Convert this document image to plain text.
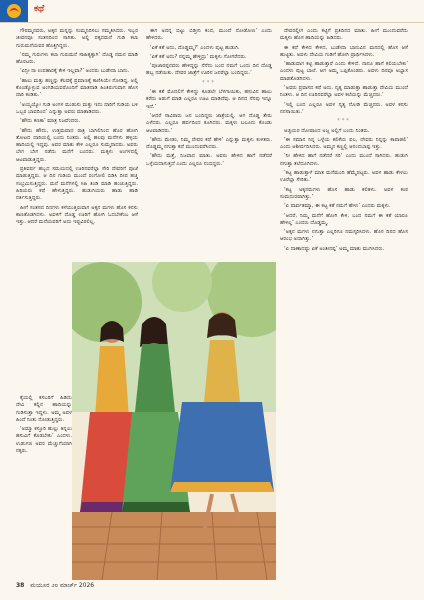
ಕಥೆ

ಗೌರಮ್ಮನವರು, ಅಕ್ಕನ ಮನ್ನನ್ನು ಸುಮ್ಮನಿರಿಸಲು ಸಮ್ಮತಿಸಿದರು. ಇಬ್ಬರ ಜೀವನವೂ ಸಂತಸದಿಂದ ಸಾಗಿತು. ಅಲ್ಲಿ ಪಕ್ಕದಮನೆ ಗುಡಿ ಕಲಾ ಗುರುಮನೆಯವರ ಹೊತ್ತಿಗಿದ್ದರು.

‘ನಮ್ಮ ಗುರುಗಳು ಕಲಾ ಗುರುಮನೆ ಸಾಹಿತ್ಯಕ್ಕಾಗಿ’ ದೊಡ್ಡ ನಮನ ಮಾಡಿ ಹೊರಟರು.

‘ಏನ್ರೀ ನಾ ಉಪಹಾರಕ್ಕೆ ಕೇಳಿ ಇಲ್ಲವಾ?’ ಅಂದರು ಬುಡೇದಾ ಬಾನು.

‘ಹಾಲು ಮತ್ತು ಹಣ್ಣನ್ನು ಕೆಲವಕ್ಕೆ ಪ್ರಮಾಣಕ್ಕೆ ಕಾಣಿಸಿಯೇ ನೋಡಿದ್ದ. ಅಲ್ಲಿ ಕೊಂಡ್ಕೊಳ್ಳುವ ಅಂಗಡಿಯವರೊಂದಿಗೆ ಮಾತನಾಡಿ ಹಿಂತಿರುಗುವಾಗ ಹೊಸ ದಾರಿ ಕಂಡಿತು.’

‘ಅಯ್ಯಯ್ಯೋ ಗುಡಿ ಅಂಗಳ ಮುಡುಸು ಮತ್ತು ಇದು ದಾರಿಗೆ ಗುಡಿಯ ಬಳಿ ಒಬ್ಬರ ಭಾವದಿಂದ’ ಎನ್ನುತ್ತಾ ಅವರು ಮಾತಾಡಿದರು.

‘ಹೌದು ಕಣಕಾ’ ಮಾತ್ರ ನಿಜವೆಂದರು.

‘ಹೌದು ಹೌದು, ಉತ್ತಮವಾದ ರಾತ್ರಿ ಬಾಗಿಲಿನಿಂದ ಹೊರ ಹೋಗಿ ತೋಟದ ದಾರಿಯಲ್ಲಿ ಬಂದು ನಿಂತರು. ಅಲ್ಲಿ ಹಲವು ಮನೆಗಳು ಹಳ್ಳಿಯ ಹಾದಿಯಲ್ಲಿ ಇದ್ದವು. ಅವರ ಮಾತು ಕೇಳಿ ಎಲ್ಲರೂ ಸುಮ್ಮನಾದರು. ಅವರು ಬೇಗ ಬೇಗ ನಡೆದು ಮನೆಗೆ ಬಂದರು. ಮಕ್ಕಳು ಅಂಗಳದಲ್ಲಿ ಆಟವಾಡುತ್ತಿದ್ದರು.

ಪ್ರತಿವರ್ಷ ಹಬ್ಬದ ಸಮಯದಲ್ಲಿ ಊರಿನವರೆಲ್ಲಾ ಸೇರಿ ದೇವರಿಗೆ ಪೂಜೆ ಮಾಡುತ್ತಿದ್ದರು. ಆ ದಿನ ಗುಡಿಯ ಮುಂದೆ ರಂಗೋಲಿ ಬಿಡಿಸಿ ದೀಪ ಹಚ್ಚಿ ಸಂಭ್ರಮಿಸುತ್ತಿದ್ದರು. ಮನೆ ಮನೆಗಳಲ್ಲಿ ಸಿಹಿ ತಿಂಡಿ ಮಾಡಿ ಹಂಚುತ್ತಿದ್ದರು. ಹಿರಿಯರು ಕಥೆ ಹೇಳುತ್ತಿದ್ದರು. ಹುಡುಗಿಯರು ಹಾಡು ಹಾಡಿ ನರ್ತಿಸುತ್ತಿದ್ದರು.

ಹೀಗೆ ಸಂತಸದ ದಿನಗಳು ಕಳೆಯುತ್ತಿರುವಾಗ ಅಕ್ಕನ ಮಗಳು ಹೊಸ ಕನಸು ಕಾಣತೊಡಗಿದಳು. ಅವಳಿಗೆ ದೊಡ್ಡ ಊರಿಗೆ ಹೋಗಿ ಓದಬೇಕೆಂಬ ಆಸೆ ಇತ್ತು. ಆದರೆ ಮನೆಯವರಿಗೆ ಅದು ಇಷ್ಟವಿರಲಿಲ್ಲ.

ಈಗ ಅದನ್ನ ಬಿಟ್ಟು ಬಿಡ್ತೀನಿ ಕಂದ, ಮುಂದೆ ನೋಡೋಣ’ ಎಂದು ಹೇಳಿದರು.

‘ಏಕೆ ಕತೆ ಅದು, ದೊಡ್ಡಮ್ಮ?’ ಎಂದಳು ಪುಟ್ಟ ಹುಡುಗಿ.

‘ಏಕೆ ಕತೆ ಅದು? ನನ್ನಮ್ಮ ಹೇಳ್ತಿದ್ರು’ ಮಕ್ಕಳು ಗೋಗರೆದರು.

‘ಪೂಜಾರಪ್ಪನವರು ಹೇಳಿದ್ದನ್ನು ನೆನೆದು ಬಂದ ನಮಗೆ ಒಂದು ದಿನ ದೊಡ್ಡ ಹಬ್ಬ ನಡೆಯಿತು. ದೇವರ ಜಾತ್ರೆಗೆ ಊರಿನ ಜನರೆಲ್ಲಾ ಬಂದಿದ್ದರು.’

***

‘ಈ ಕತೆ ಮೊದಲಿಗೆ ಕೇಳಿದ್ದು ಕೂಡಲೇ ಬೆಳಗಾಯಿತು, ಹಸುವಿನ ಹಾಲು ಕರೆದು ಅಡುಗೆ ಮಾಡಿ ಎಲ್ಲರೂ ಊಟ ಮಾಡಿದೆವು. ಆ ದಿನದ ನೆನಪು ಇನ್ನೂ ಇದೆ.’

‘ಆದರೆ ಸಾವಿರಾರು ಜನ ಬಂದಿದ್ದರು ಜಾತ್ರೆಯಲ್ಲಿ. ಆಗ ದೊಡ್ಡ ತೇರು ಎಳೆದರು. ಎಲ್ಲರೂ ಹರ್ಷದಿಂದ ಕೂಗಿದರು. ಮಕ್ಕಳು ಬಲೂನು ಕೊಂಡು ಆಟವಾಡಿದರು.’

‘ಹೌದು ಮೇಡಂ, ನಿಮ್ಮ ದೇವರ ಕಥೆ ಹೇಳಿ’ ಎನ್ನುತ್ತಾ ಮಕ್ಕಳು ಕುಳಿತರು. ದೊಡ್ಡಮ್ಮ ನಗುತ್ತಾ ಕಥೆ ಮುಂದುವರೆಸಿದರು.

‘ಹೌದು ಮತ್ತೆ, ನಿಜವಾದ ಮಾತು. ಅವರು ಹೇಳಿದ ಹಾಗೆ ನಡೆದರೆ ಒಳ್ಳೆಯದಾಗುತ್ತದೆ ಎಂದು ಎಲ್ಲರೂ ನಂಬಿದ್ದರು.’

ದೇವರಲ್ಲೀಗ ಎಂದು ಕಟ್ಟಿಗೆ ಪ್ರತಿದಿನದ ಮಾತು. ಹೀಗೆ ಮುಂದುವರೆದು ಮಕ್ಕಳು ಹೊಸ ಹಾದಿಯನ್ನು ಹಿಡಿದರು.

ಈ ಕಥೆ ಕೇಳಿದ ಕೇಳಿದ, ಬುಡೇದಾ ಬಾನುವಿನ ಮನದಲ್ಲಿ ಹೊಸ ಆಸೆ ಹುಟ್ಟಿತು. ಅವಳು ದೇವಿಯ ಗುಡಿಗೆ ಹೋಗಿ ಪ್ರಾರ್ಥಿಸಿದಳು.

‘ಹಾಡುವಾಗ ಕಟ್ಟಿ ಹಾಡುತ್ತಾರೆ ಎಂದು ಕೇಳಿದೆ. ನಾನೂ ಹಾಗೆ ಕಲಿಯಬೇಕು’ ಎಂದಳು ಪುಟ್ಟ ಬಾಲೆ. ಆಗ ಅಮ್ಮ ಒಪ್ಪಿಕೊಂಡರು. ಅವಳು ದಿನವೂ ಅಭ್ಯಾಸ ಮಾಡತೊಡಗಿದಳು.

‘ಅವರು ಪ್ರವಾಸದ ಕಥೆ ಅದು. ನೃತ್ಯ ಮಾಡುತ್ತಾ ಹಾಡುತ್ತಾ ದೇವಿಯ ಮುಂದೆ ನಿಂತಳು. ಆ ದಿನ ಊರಿನವರೆಲ್ಲಾ ಅವಳ ಕಲೆಯನ್ನು ಮೆಚ್ಚಿದರು.’

‘ಇಲ್ಲಿ ಬಂದ ಎಲ್ಲರೂ ಅವಳ ನೃತ್ಯ ನೋಡಿ ಮೆಚ್ಚಿದರು. ಅವಳ ಕನಸು ನನಸಾಯಿತು.’

***

ಅಜ್ಜಿಯರ ದೋಷಾಂದ ಅಜ್ಜ ಅಲ್ಲಿಗೆ ಬಂದು ನಿಂತರು.

‘ಈ ಸಮಾನ ನಿನ್ನ ಒಳ್ಳೆಯ ಕಲಿಕೆಯ ಫಲ, ದೇವರು ನಿನ್ನನ್ನು ಕಾಪಾಡಲಿ’ ಎಂದು ಆಶೀರ್ವದಿಸಿದರು. ಅಮ್ಮನ ಕಣ್ಣಲ್ಲಿ ಆನಂದಬಾಷ್ಪ ಇತ್ತು.

‘ನೀ ಹೇಳಿದ ಹಾಗೆ ನಡೆದರೆ ಸರಿ’ ಎಂದು ಮುಂದೆ ಸಾಗಿದರು. ಹುಡುಗಿ ನಗುತ್ತಾ ತಲೆದೂಗಿದಳು.

‘ಕಟ್ಟ ಹಾಡುತ್ತಾಳೆ ಮಾತ ಮನೆಮಂದಿ ಹೆಮ್ಮೆಪಟ್ಟರು. ಅವಳ ಹಾಡು ಕೇಳಲು ಊರೆಲ್ಲಾ ಸೇರಿತು.’

‘ಕಟ್ಟ ಅಕ್ಕನಮಗಳು ಹೊಸ ಹಾಡು ಕಲಿತಳು. ಅವಳ ಕಂಠ ಸುಮಧುರವಾಗಿತ್ತು.’

‘ಏ ಪಾರ್ವತಮ್ಮಾ, ಈ ಕಟ್ಟ ಕತೆ ನಮಗೆ ಹೇಳು’ ಎಂದರು ಮಕ್ಕಳು.

‘ಆದರೆ, ನಿಮ್ಮ ಮನೆಗೆ ಹೋಗಿ ಕೇಳಿ, ಬಂದ ನಮಗೆ ಈ ಕತೆ ಯಾರೂ ಹೇಳಿಲ್ಲ’ ಎಂದರು ದೊಡ್ಡಮ್ಮ.

‘ಅಕ್ಕನ ಮಗಳು ನಗುತ್ತಾ ಎಲ್ಲರಿಗೂ ನಮಸ್ಕರಿಸಿದಳು. ಹೊಸ ದಿನದ ಹೊಸ ಆರಂಭ ಅದಾಗಿತ್ತು.’

‘ಏ ದಾಣಾದಷ್ಟು ಏಕೆ ಅಂತೀನಪ್ಪ’ ಅಮ್ಮ ಮಾತು ಮುಗಿಸಿದರು.

ಕೈಯಲ್ಲಿ ಕಸಬರಿಗೆ ಹಿಡಿದು ದೇವಿ ಕಲ್ಲಿನ ಹಾದಿಯನ್ನು ಗುಡಿಸುತ್ತಾ ಇದ್ದಳು. ಅಮ್ಮ ಅವಳ ಹಿಂದೆ ನಿಂತು ನೋಡುತ್ತಿದ್ದರು.

‘ಅಮ್ಮಾ ಕಸ್ತೂರಿ ಹುಲ್ಲು ತಿನ್ನಲು ಹಸುವಿಗೆ ಕೊಡಬೇಕು’ ಎಂದಳು. ಉಡುಗಣ ಅವರ ಮೆಚ್ಚುಗೆಯಾಗಿ ನಕ್ಕರು.

38 ಮಯೂರ ೨೮ ಮಾರ್ಚ್ 2026
